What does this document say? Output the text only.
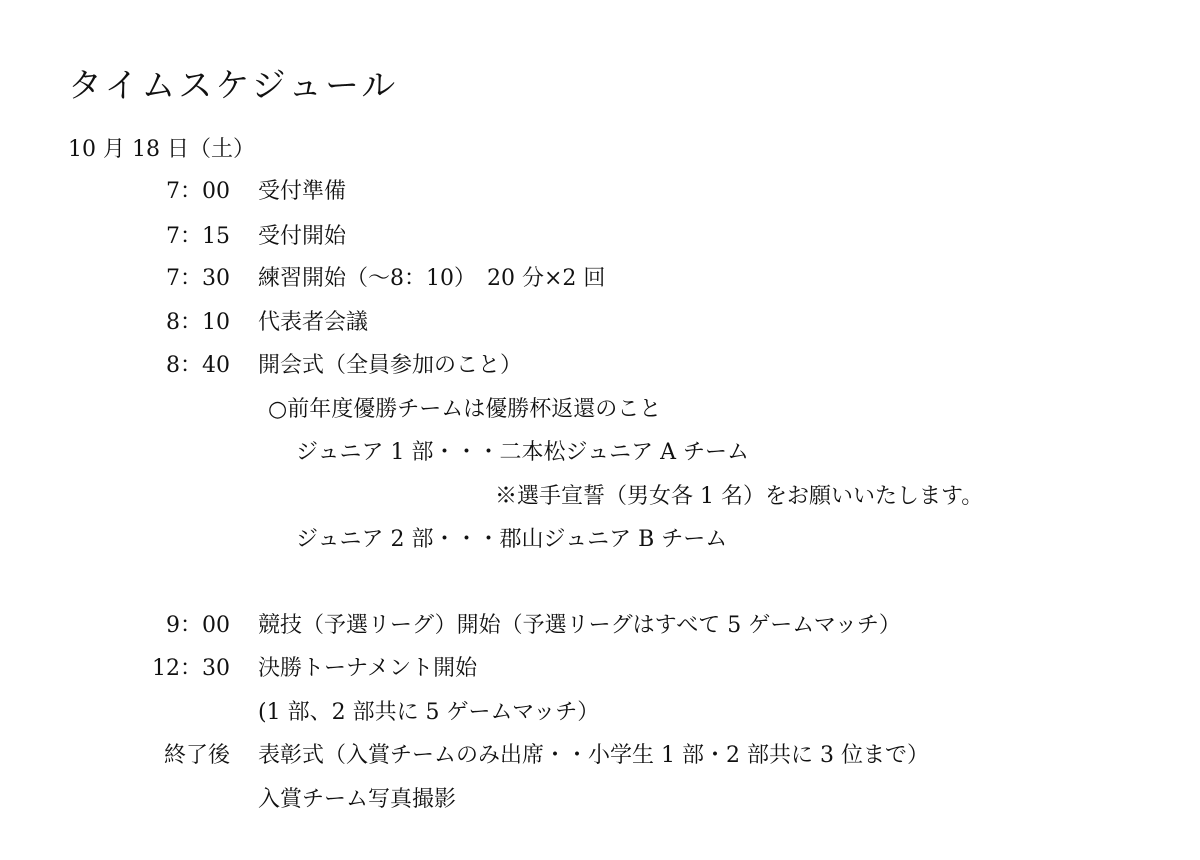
タイムスケジュール
10 月 18 日（土）
7：00 受付準備
7：15 受付開始
7：30 練習開始（〜8：10）　20 分×2 回
8：10 代表者会議
8：40 開会式（全員参加のこと）
○前年度優勝チームは優勝杯返還のこと
ジュニア 1 部・・・二本松ジュニア A チーム
※選手宣誓（男女各 1 名）をお願いいたします。
ジュニア 2 部・・・郡山ジュニア B チーム
9：00 競技（予選リーグ）開始（予選リーグはすべて 5 ゲームマッチ）
12：30 決勝トーナメント開始
(1 部、2 部共に 5 ゲームマッチ）
終了後 表彰式（入賞チームのみ出席・・小学生 1 部・2 部共に 3 位まで）
入賞チーム写真撮影
